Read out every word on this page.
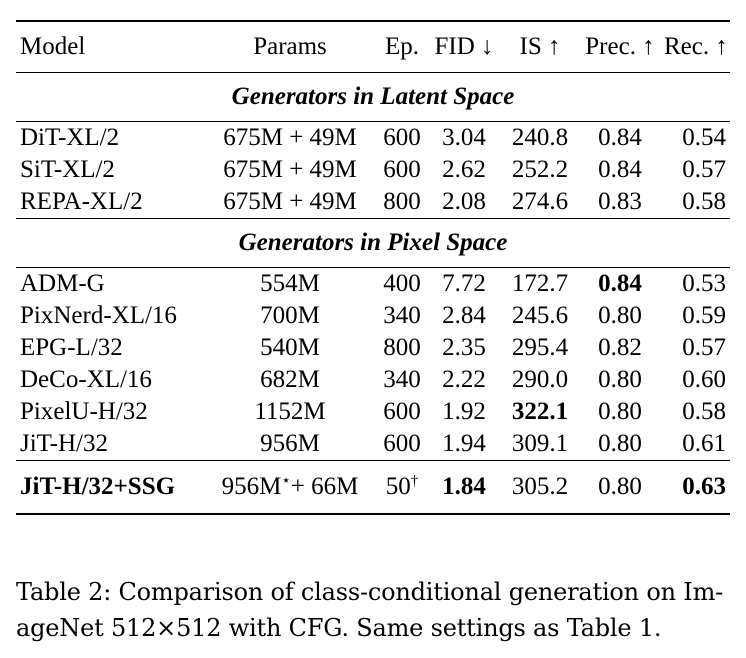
Model	Params	Ep.	FID ↓	IS ↑	Prec. ↑	Rec. ↑
Generators in Latent Space						
DiT-XL/2	675M + 49M	600	3.04	240.8	0.84	0.54
SiT-XL/2	675M + 49M	600	2.62	252.2	0.84	0.57
REPA-XL/2	675M + 49M	800	2.08	274.6	0.83	0.58
Generators in Pixel Space						
ADM-G	554M	400	7.72	172.7	0.84	0.53
PixNerd-XL/16	700M	340	2.84	245.6	0.80	0.59
EPG-L/32	540M	800	2.35	295.4	0.82	0.57
DeCo-XL/16	682M	340	2.22	290.0	0.80	0.60
PixelU-H/32	1152M	600	1.92	322.1	0.80	0.58
JiT-H/32	956M	600	1.94	309.1	0.80	0.61
JiT-H/32+SSG	956M⋆+ 66M	50†	1.84	305.2	0.80	0.63
Table 2: Comparison of class-conditional generation on Im-
ageNet 512×512 with CFG. Same settings as Table 1.
